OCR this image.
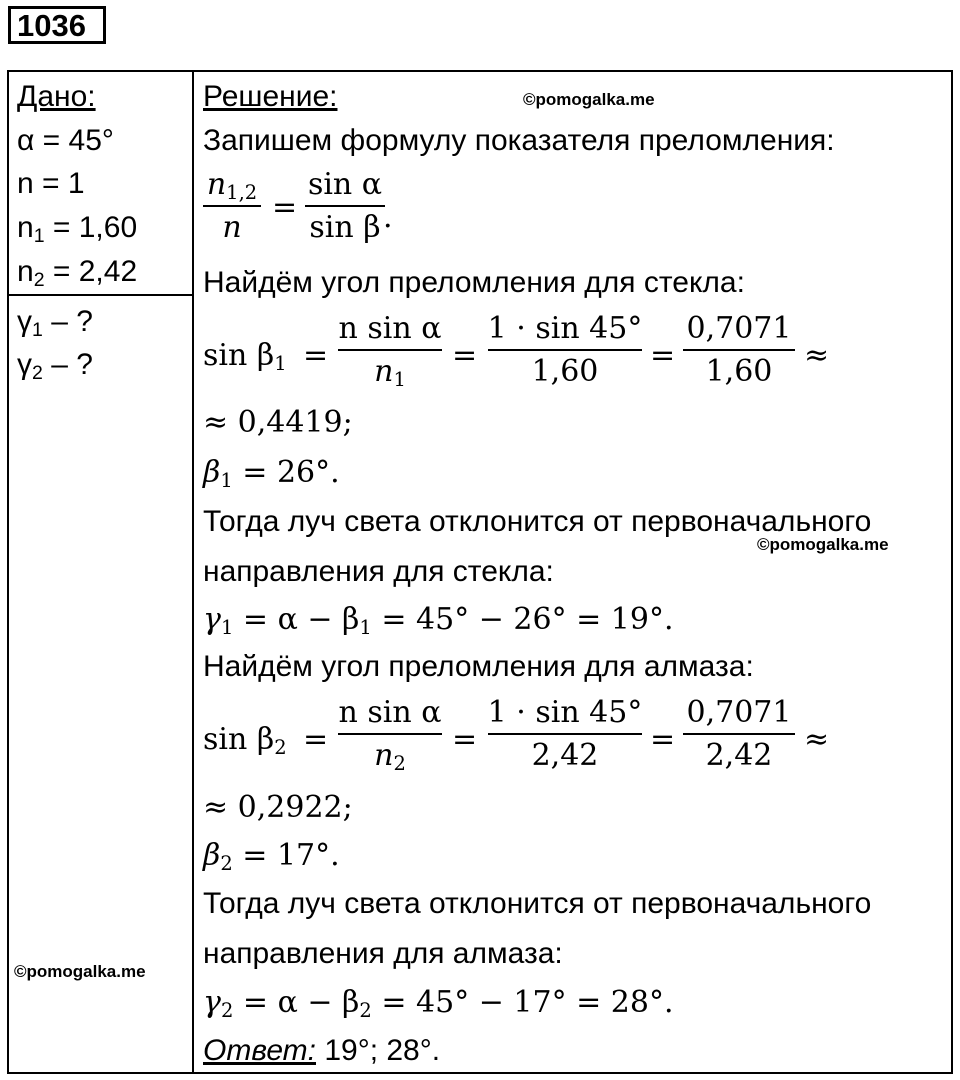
1036
Дано:
α = 45°
n = 1
$n_1 = 1,60$
$n_2 = 2,42$
$\gamma_1$ – ?
$\gamma_2$ – ?
©pomogalka.me
Решение:	©pomogalka.me
Запишем формулу показателя преломления:
$n_{1,2}$
n
=
sin α
sin β .
Найдём угол преломления для стекла:
$\sin \beta_1$ =
n sin α
$n_1$
=
1 · sin 45°
1,60 =
0,7071
1,60 ≈
≈ 0,4419;
$\beta_1 = 26^\circ$.
Тогда луч света отклонится от первоначального
©pomogalka.me
направления для стекла:
$\gamma_1 = \alpha - \beta_1 = 45^\circ - 26^\circ = 19^\circ$.
Найдём угол преломления для алмаза:
$\sin \beta_2$ =
n sin α
$n_2$
=
1 · sin 45°
2,42 =
0,7071
2,42 ≈
≈ 0,2922;
$\beta_2 = 17^\circ$.
Тогда луч света отклонится от первоначального
направления для алмаза:
$\gamma_2 = \alpha - \beta_2 = 45^\circ - 17^\circ = 28^\circ$.
Ответ: 19°; 28°.
